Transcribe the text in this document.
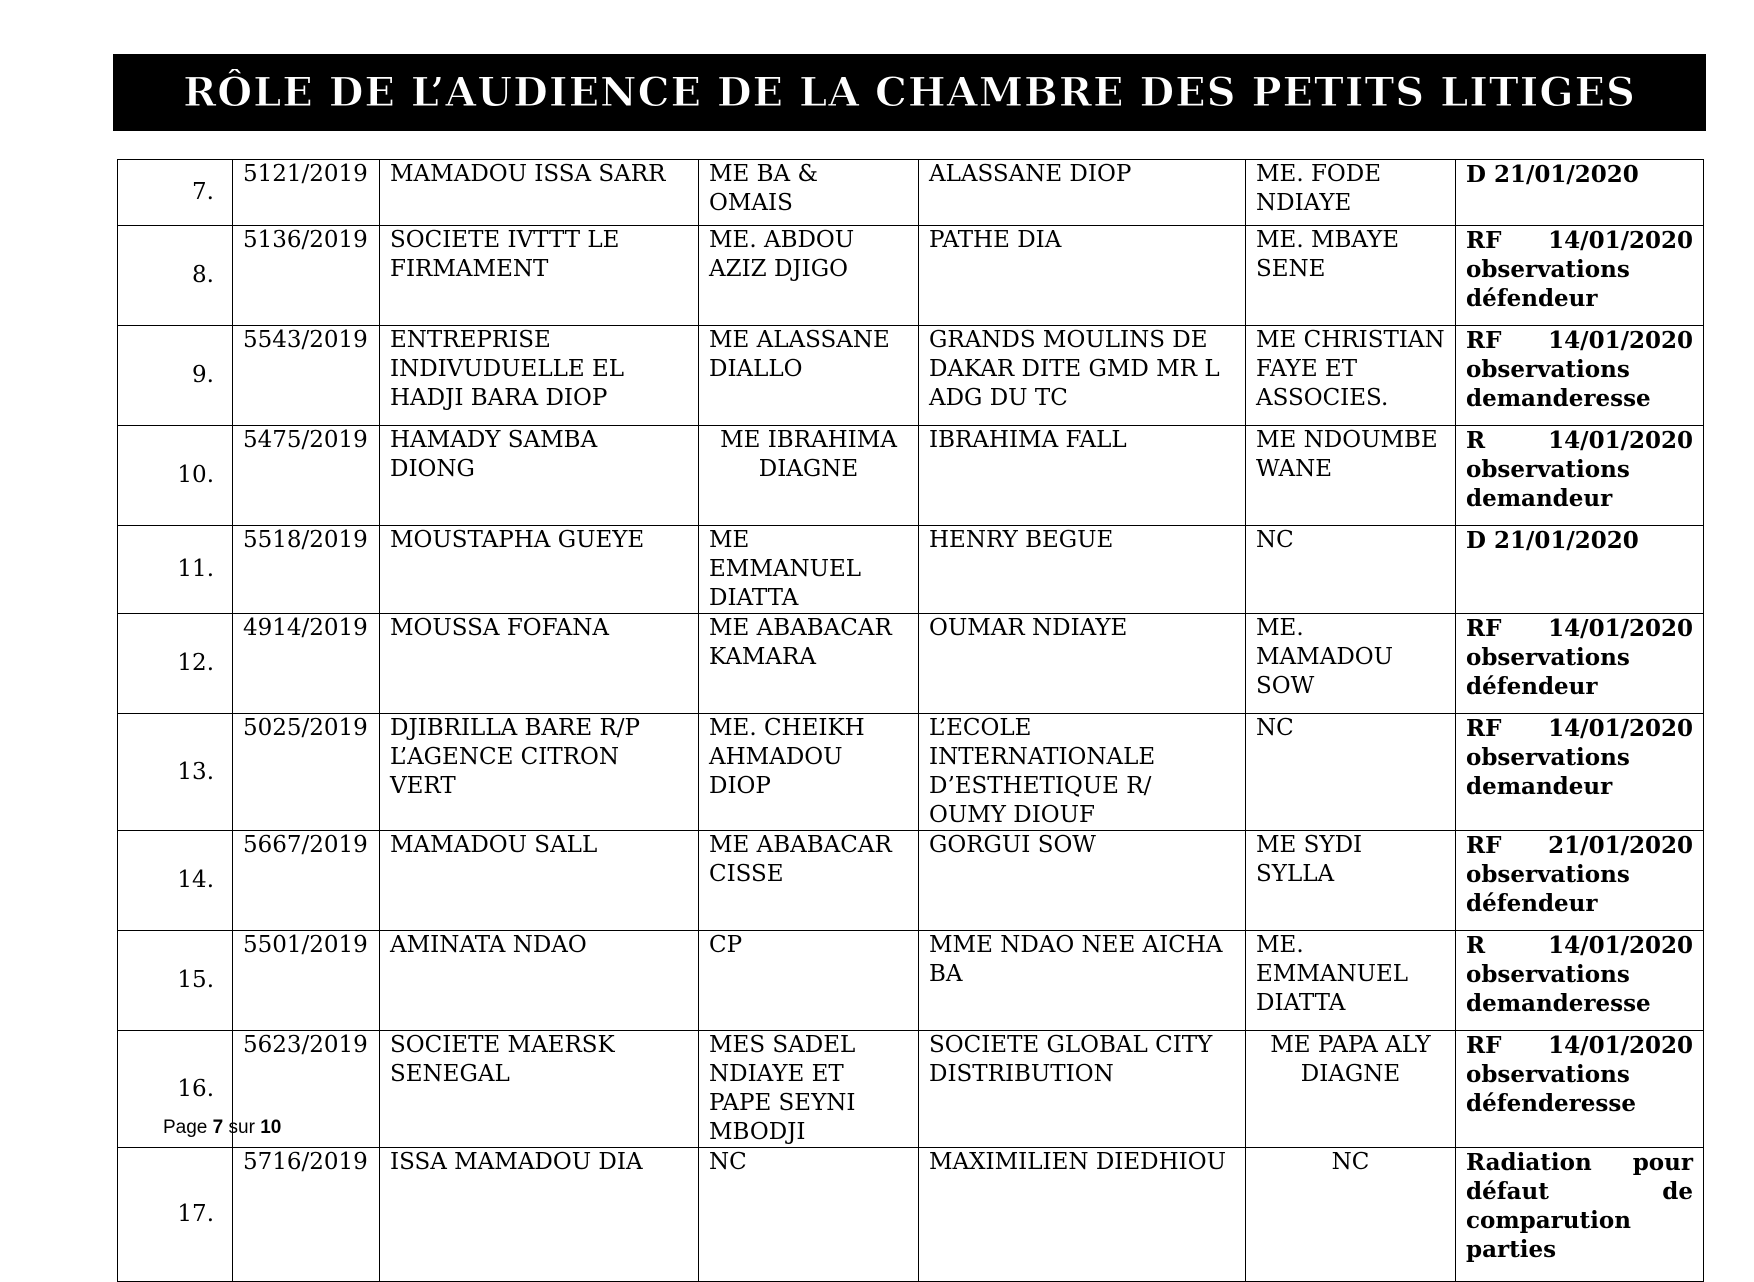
RÔLE DE L’AUDIENCE DE LA CHAMBRE DES PETITS LITIGES
7.	5121/2019	MAMADOU ISSA SARR	ME BA & OMAIS	ALASSANE DIOP	ME. FODE NDIAYE	D 21/01/2020

8.	5136/2019	SOCIETE IVTTT LE FIRMAMENT	ME. ABDOU AZIZ DJIGO	PATHE DIA	ME. MBAYE SENE	RF 14/01/2020
observations défendeur

9.	5543/2019	ENTREPRISE INDIVUDUELLE EL HADJI BARA DIOP	ME ALASSANE DIALLO	GRANDS MOULINS DE DAKAR DITE GMD MR L ADG DU TC	ME CHRISTIAN FAYE ET ASSOCIES.	RF 14/01/2020
observations demanderesse

10.	5475/2019	HAMADY SAMBA DIONG	ME IBRAHIMA DIAGNE	IBRAHIMA FALL	ME NDOUMBE WANE	R 14/01/2020
observations demandeur

11.	5518/2019	MOUSTAPHA GUEYE	ME EMMANUEL DIATTA	HENRY BEGUE	NC	D 21/01/2020

12.	4914/2019	MOUSSA FOFANA	ME ABABACAR KAMARA	OUMAR NDIAYE	ME. MAMADOU SOW	RF 14/01/2020
observations défendeur

13.	5025/2019	DJIBRILLA BARE R/P L’AGENCE CITRON VERT	ME. CHEIKH AHMADOU DIOP	L’ECOLE INTERNATIONALE D’ESTHETIQUE R/ OUMY DIOUF	NC	RF 14/01/2020
observations demandeur

14.	5667/2019	MAMADOU SALL	ME ABABACAR CISSE	GORGUI SOW	ME SYDI SYLLA	RF 21/01/2020
observations défendeur

15.	5501/2019	AMINATA NDAO	CP	MME NDAO NEE AICHA BA	ME. EMMANUEL DIATTA	R 14/01/2020
observations demanderesse

16.	5623/2019	SOCIETE MAERSK SENEGAL	MES SADEL NDIAYE ET PAPE SEYNI MBODJI	SOCIETE GLOBAL CITY DISTRIBUTION	ME PAPA ALY DIAGNE	RF 14/01/2020
observations défenderesse

17.	5716/2019	ISSA MAMADOU DIA	NC	MAXIMILIEN DIEDHIOU	NC	Radiation pour défaut de
comparution parties
Page 7 sur 10
